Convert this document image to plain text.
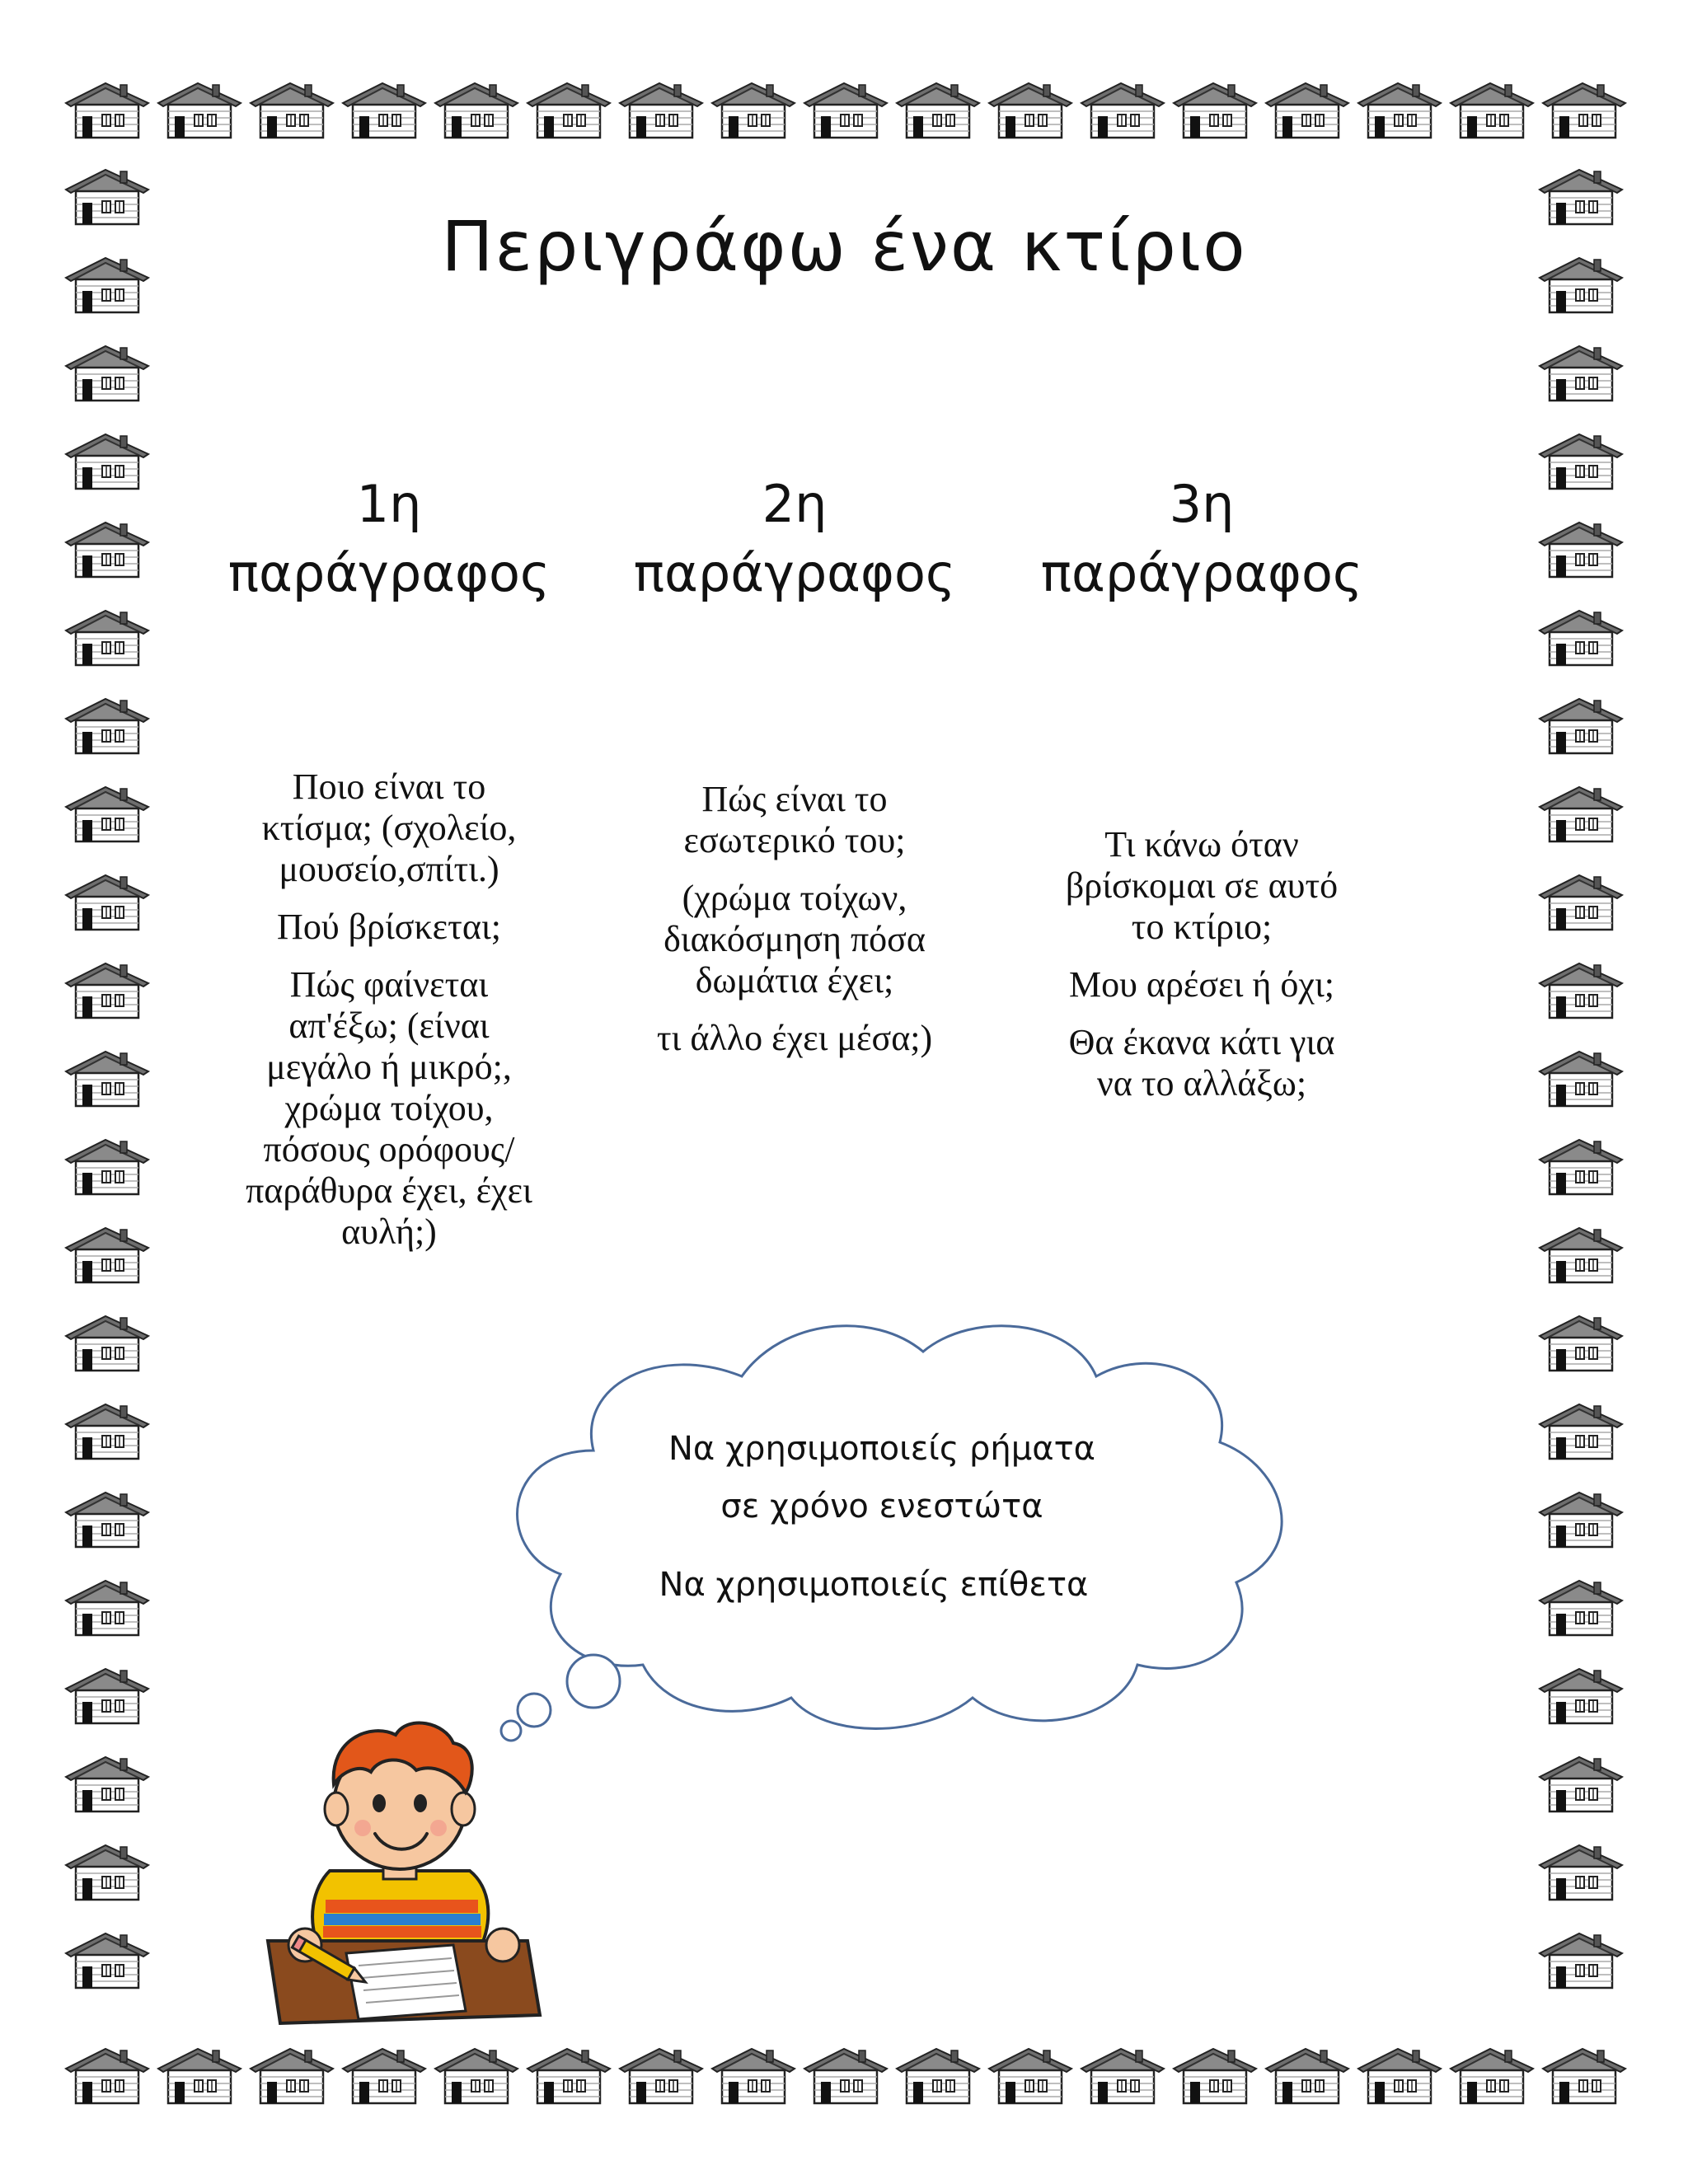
Περιγράφω ένα κτίριο
1η
παράγραφος
2η
παράγραφος
3η
παράγραφος

Ποιο είναι το κτίσμα; (σχολείο, μουσείο,σπίτι.)

Πού βρίσκεται;

Πώς φαίνεται απ'έξω; (είναι μεγάλο ή μικρό;, χρώμα τοίχου, πόσους ορόφους/ παράθυρα έχει, έχει αυλή;)

Πώς είναι το εσωτερικό του;

(χρώμα τοίχων, διακόσμηση πόσα δωμάτια έχει;

τι άλλο έχει μέσα;)

Τι κάνω όταν βρίσκομαι σε αυτό το κτίριο;

Μου αρέσει ή όχι;

Θα έκανα κάτι για να το αλλάξω;

Να χρησιμοποιείς ρήματα
σε χρόνο ενεστώτα
Να χρησιμοποιείς επίθετα
